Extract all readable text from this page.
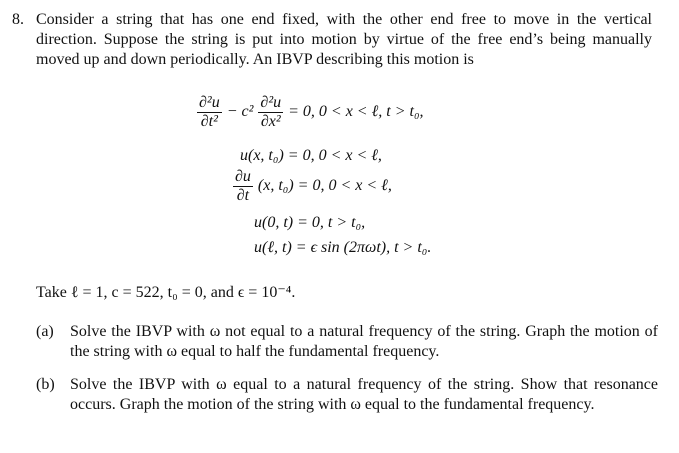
8. Consider a string that has one end fixed, with the other end free to move in the vertical direction. Suppose the string is put into motion by virtue of the free end’s being manually moved up and down periodically. An IBVP describing this motion is
$\frac{\text{∂²u}}{\text{∂t²}} - c^2 \frac{\text{∂²u}}{\text{∂x²}} = 0$, 0 < x < ℓ, t > t₀,
u(x, t₀) = 0, 0 < x < ℓ,
$\frac{\partial u}{\partial t} (x$, t₀) = 0, 0 < x < ℓ,
u(0, t) = 0, t > t₀,
u(ℓ, t) = ϵ sin (2πωt), t > t₀.
Take ℓ = 1, c = 522, t₀ = 0, and ϵ = 10⁻⁴.
(a) Solve the IBVP with ω not equal to a natural frequency of the string. Graph the motion of the string with ω equal to half the fundamental frequency.
(b) Solve the IBVP with ω equal to a natural frequency of the string. Show that resonance occurs. Graph the motion of the string with ω equal to the fundamental frequency.
